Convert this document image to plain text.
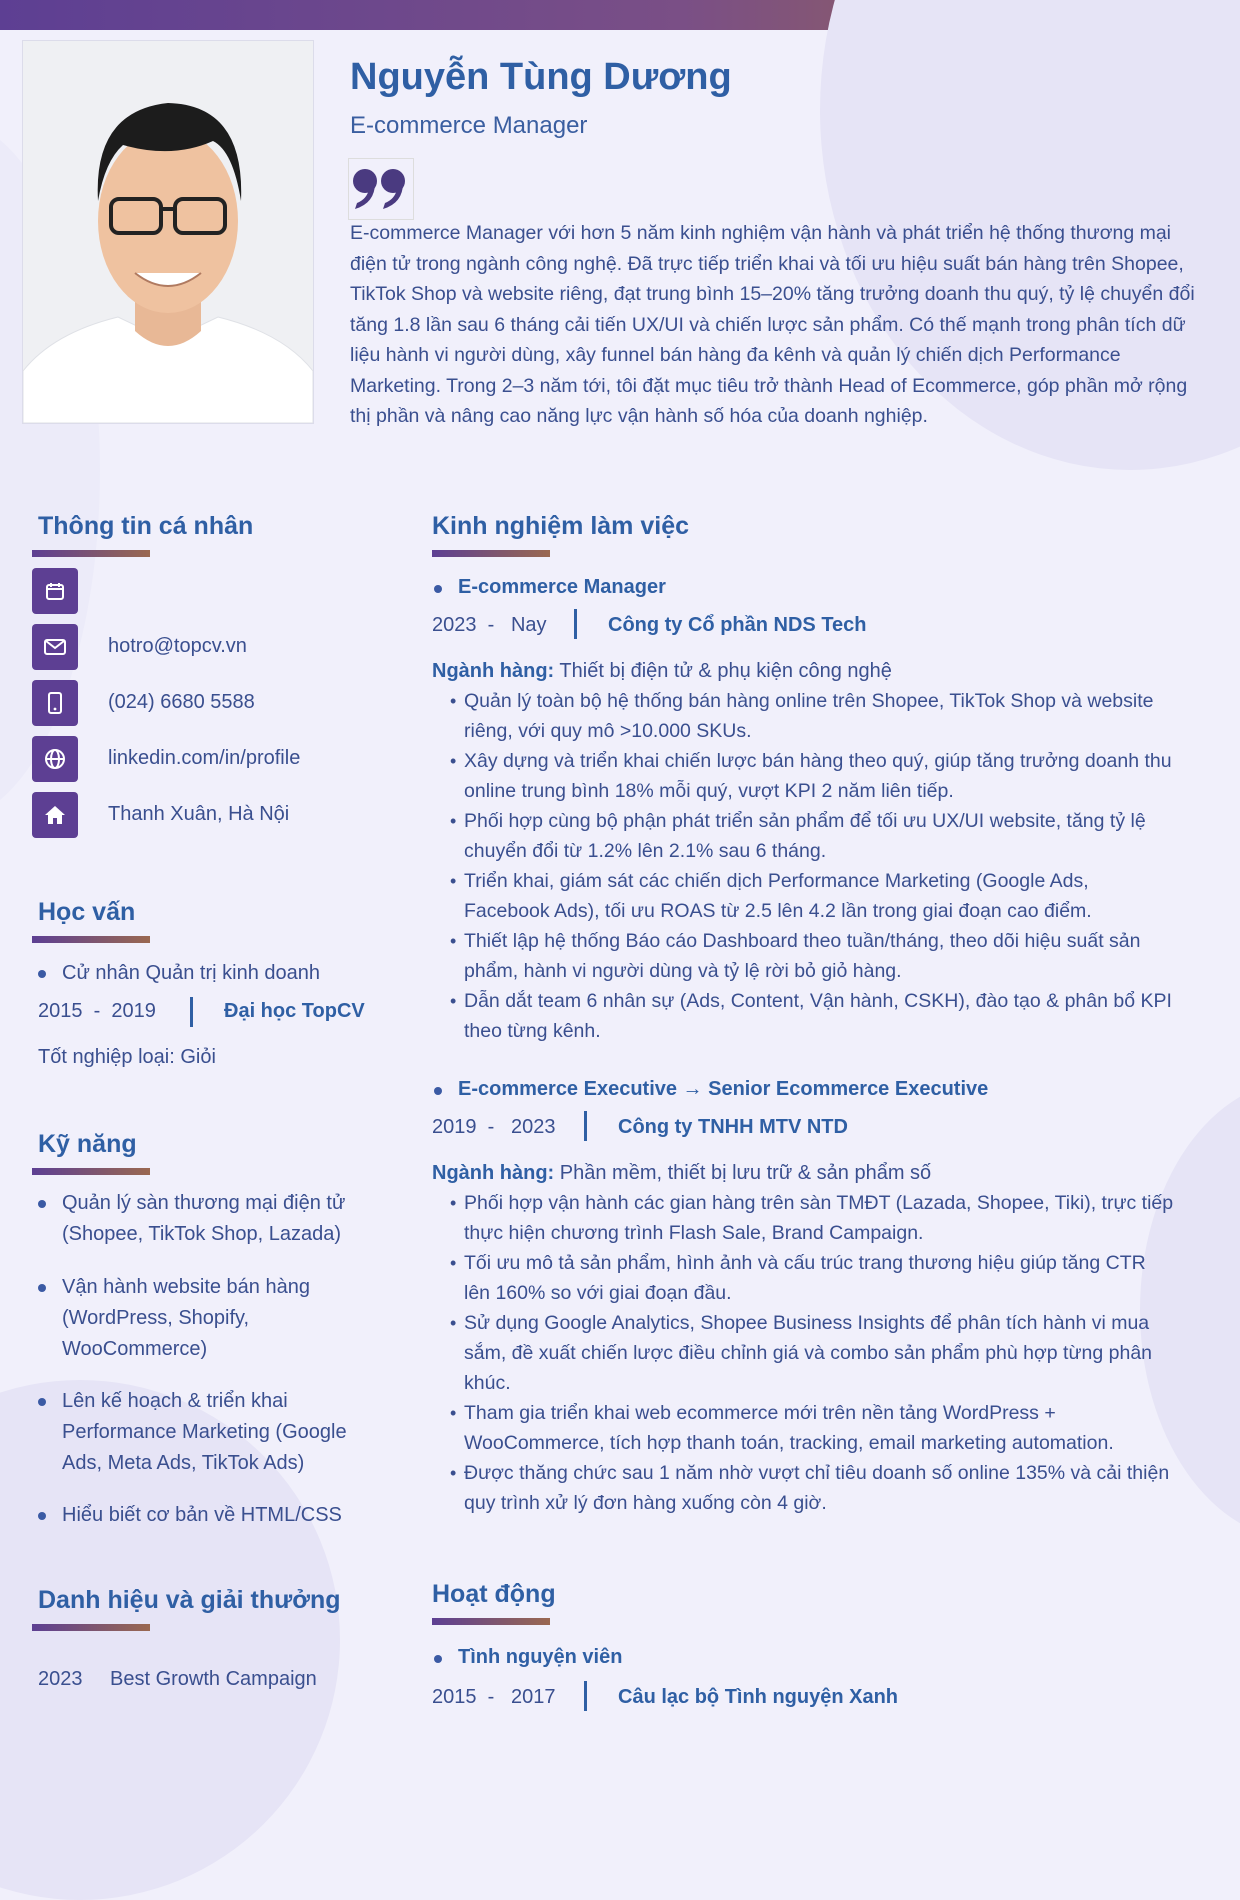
Nguyễn Tùng Dương
E-commerce Manager

E-commerce Manager với hơn 5 năm kinh nghiệm vận hành và phát triển hệ thống thương mại điện tử trong ngành công nghệ. Đã trực tiếp triển khai và tối ưu hiệu suất bán hàng trên Shopee, TikTok Shop và website riêng, đạt trung bình 15–20% tăng trưởng doanh thu quý, tỷ lệ chuyển đổi tăng 1.8 lần sau 6 tháng cải tiến UX/UI và chiến lược sản phẩm. Có thế mạnh trong phân tích dữ liệu hành vi người dùng, xây funnel bán hàng đa kênh và quản lý chiến dịch Performance Marketing. Trong 2–3 năm tới, tôi đặt mục tiêu trở thành Head of Ecommerce, góp phần mở rộng thị phần và nâng cao năng lực vận hành số hóa của doanh nghiệp.

Thông tin cá nhân
hotro@topcv.vn
(024) 6680 5588
linkedin.com/in/profile
Thanh Xuân, Hà Nội
Học vấn
Cử nhân Quản trị kinh doanh
2015 - 2019	Đại học TopCV
Tốt nghiệp loại: Giỏi
Kỹ năng
Quản lý sàn thương mại điện tử
(Shopee, TikTok Shop, Lazada)
Vận hành website bán hàng
(WordPress, Shopify,
WooCommerce)
Lên kế hoạch & triển khai
Performance Marketing (Google
Ads, Meta Ads, TikTok Ads)
Hiểu biết cơ bản về HTML/CSS
Danh hiệu và giải thưởng
2023 Best Growth Campaign
Kinh nghiệm làm việc
E-commerce Manager
2023 - Nay	Công ty Cổ phần NDS Tech
Ngành hàng: Thiết bị điện tử & phụ kiện công nghệ
• Quản lý toàn bộ hệ thống bán hàng online trên Shopee, TikTok Shop và website riêng, với quy mô >10.000 SKUs.
• Xây dựng và triển khai chiến lược bán hàng theo quý, giúp tăng trưởng doanh thu online trung bình 18% mỗi quý, vượt KPI 2 năm liên tiếp.
• Phối hợp cùng bộ phận phát triển sản phẩm để tối ưu UX/UI website, tăng tỷ lệ chuyển đổi từ 1.2% lên 2.1% sau 6 tháng.
• Triển khai, giám sát các chiến dịch Performance Marketing (Google Ads, Facebook Ads), tối ưu ROAS từ 2.5 lên 4.2 lần trong giai đoạn cao điểm.
• Thiết lập hệ thống Báo cáo Dashboard theo tuần/tháng, theo dõi hiệu suất sản phẩm, hành vi người dùng và tỷ lệ rời bỏ giỏ hàng.
• Dẫn dắt team 6 nhân sự (Ads, Content, Vận hành, CSKH), đào tạo & phân bổ KPI theo từng kênh.
E-commerce Executive → Senior Ecommerce Executive
2019 - 2023	Công ty TNHH MTV NTD
Ngành hàng: Phần mềm, thiết bị lưu trữ & sản phẩm số
• Phối hợp vận hành các gian hàng trên sàn TMĐT (Lazada, Shopee, Tiki), trực tiếp thực hiện chương trình Flash Sale, Brand Campaign.
• Tối ưu mô tả sản phẩm, hình ảnh và cấu trúc trang thương hiệu giúp tăng CTR lên 160% so với giai đoạn đầu.
• Sử dụng Google Analytics, Shopee Business Insights để phân tích hành vi mua sắm, đề xuất chiến lược điều chỉnh giá và combo sản phẩm phù hợp từng phân khúc.
• Tham gia triển khai web ecommerce mới trên nền tảng WordPress + WooCommerce, tích hợp thanh toán, tracking, email marketing automation.
• Được thăng chức sau 1 năm nhờ vượt chỉ tiêu doanh số online 135% và cải thiện quy trình xử lý đơn hàng xuống còn 4 giờ.
Hoạt động
Tình nguyện viên
2015 - 2017	Câu lạc bộ Tình nguyện Xanh
